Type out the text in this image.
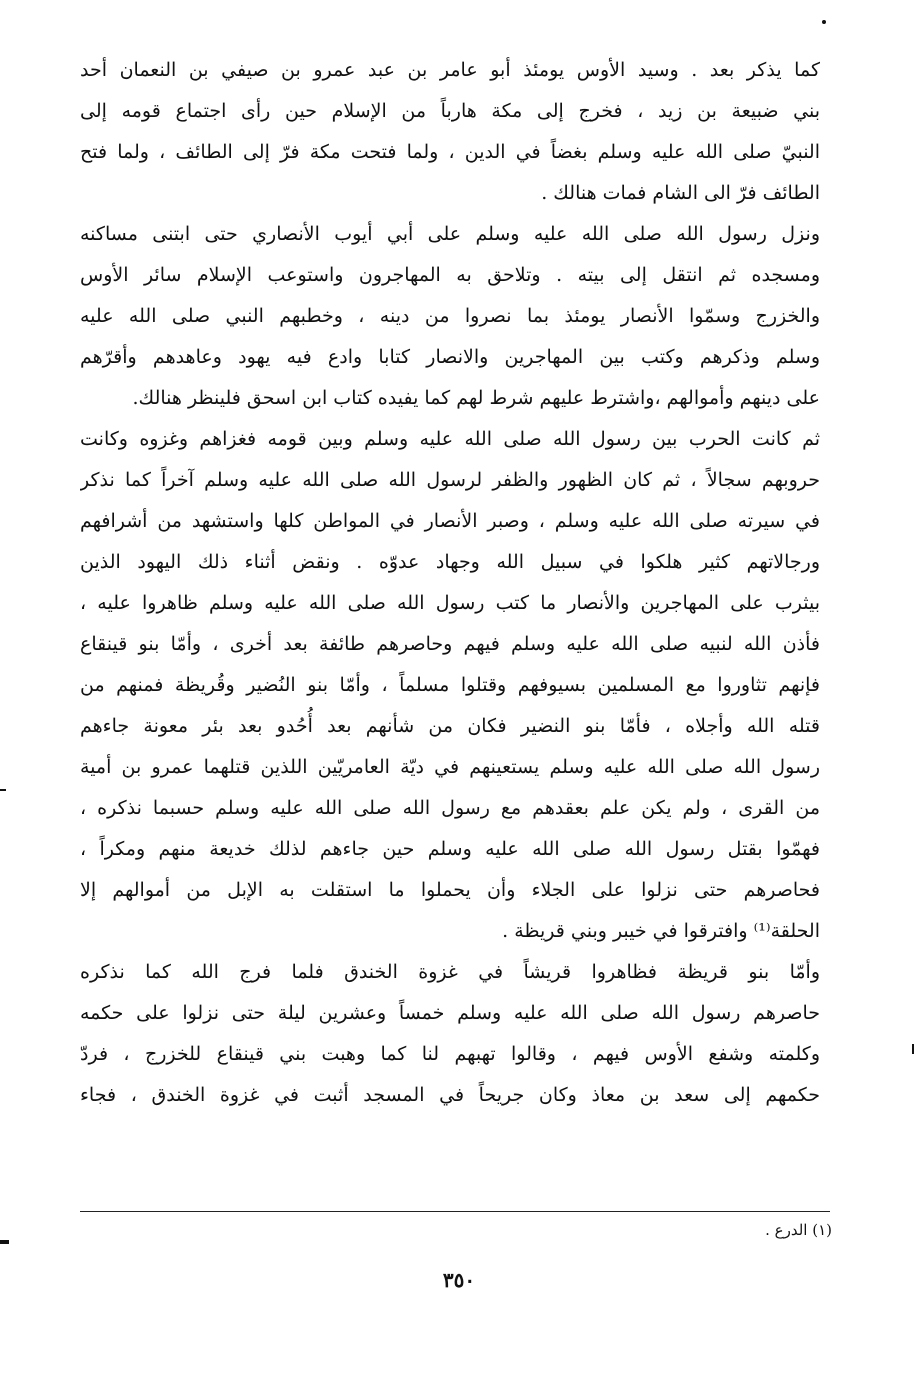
كما يذكر بعد . وسيد الأوس يومئذ أبو عامر بن عبد عمرو بن صيفي بن النعمان أحد
بني ضبيعة بن زيد ، فخرج إلى مكة هارباً من الإسلام حين رأى اجتماع قومه إلى
النبيّ صلى الله عليه وسلم بغضاً في الدين ، ولما فتحت مكة فرّ إلى الطائف ، ولما فتح
الطائف فرّ الى الشام فمات هنالك .
ونزل رسول الله صلى الله عليه وسلم على أبي أيوب الأنصاري حتى ابتنى مساكنه
ومسجده ثم انتقل إلى بيته . وتلاحق به المهاجرون واستوعب الإسلام سائر الأوس
والخزرج وسمّوا الأنصار يومئذ بما نصروا من دينه ، وخطبهم النبي صلى الله عليه
وسلم وذكرهم وكتب بين المهاجرين والانصار كتابا وادع فيه يهود وعاهدهم وأقرّهم
على دينهم وأموالهم ،واشترط عليهم شرط لهم كما يفيده كتاب ابن اسحق فلينظر هنالك.
ثم كانت الحرب بين رسول الله صلى الله عليه وسلم وبين قومه فغزاهم وغزوه وكانت
حروبهم سجالاً ، ثم كان الظهور والظفر لرسول الله صلى الله عليه وسلم آخراً كما نذكر
في سيرته صلى الله عليه وسلم ، وصبر الأنصار في المواطن كلها واستشهد من أشرافهم
ورجالاتهم كثير هلكوا في سبيل الله وجهاد عدوّه . ونقض أثناء ذلك اليهود الذين
بيثرب على المهاجرين والأنصار ما كتب رسول الله صلى الله عليه وسلم ظاهروا عليه ،
فأذن الله لنبيه صلى الله عليه وسلم فيهم وحاصرهم طائفة بعد أخرى ، وأمّا بنو قينقاع
فإنهم تثاوروا مع المسلمين بسيوفهم وقتلوا مسلماً ، وأمّا بنو النُضير وقُريظة فمنهم من
قتله الله وأجلاه ، فأمّا بنو النضير فكان من شأنهم بعد أُحُدو بعد بئر معونة جاءهم
رسول الله صلى الله عليه وسلم يستعينهم في ديّة العامريّين اللذين قتلهما عمرو بن أمية
من القرى ، ولم يكن علم بعقدهم مع رسول الله صلى الله عليه وسلم حسبما نذكره ،
فهمّوا بقتل رسول الله صلى الله عليه وسلم حين جاءهم لذلك خديعة منهم ومكراً ،
فحاصرهم حتى نزلوا على الجلاء وأن يحملوا ما استقلت به الإبل من أموالهم إلا
الحلقة⁽¹⁾ وافترقوا في خيبر وبني قريظة .
وأمّا بنو قريظة فظاهروا قريشاً في غزوة الخندق فلما فرج الله كما نذكره
حاصرهم رسول الله صلى الله عليه وسلم خمساً وعشرين ليلة حتى نزلوا على حكمه
وكلمته وشفع الأوس فيهم ، وقالوا تهبهم لنا كما وهبت بني قينقاع للخزرج ، فردّ
حكمهم إلى سعد بن معاذ وكان جريحاً في المسجد أثبت في غزوة الخندق ، فجاء
(١) الدرع .
٣٥٠
